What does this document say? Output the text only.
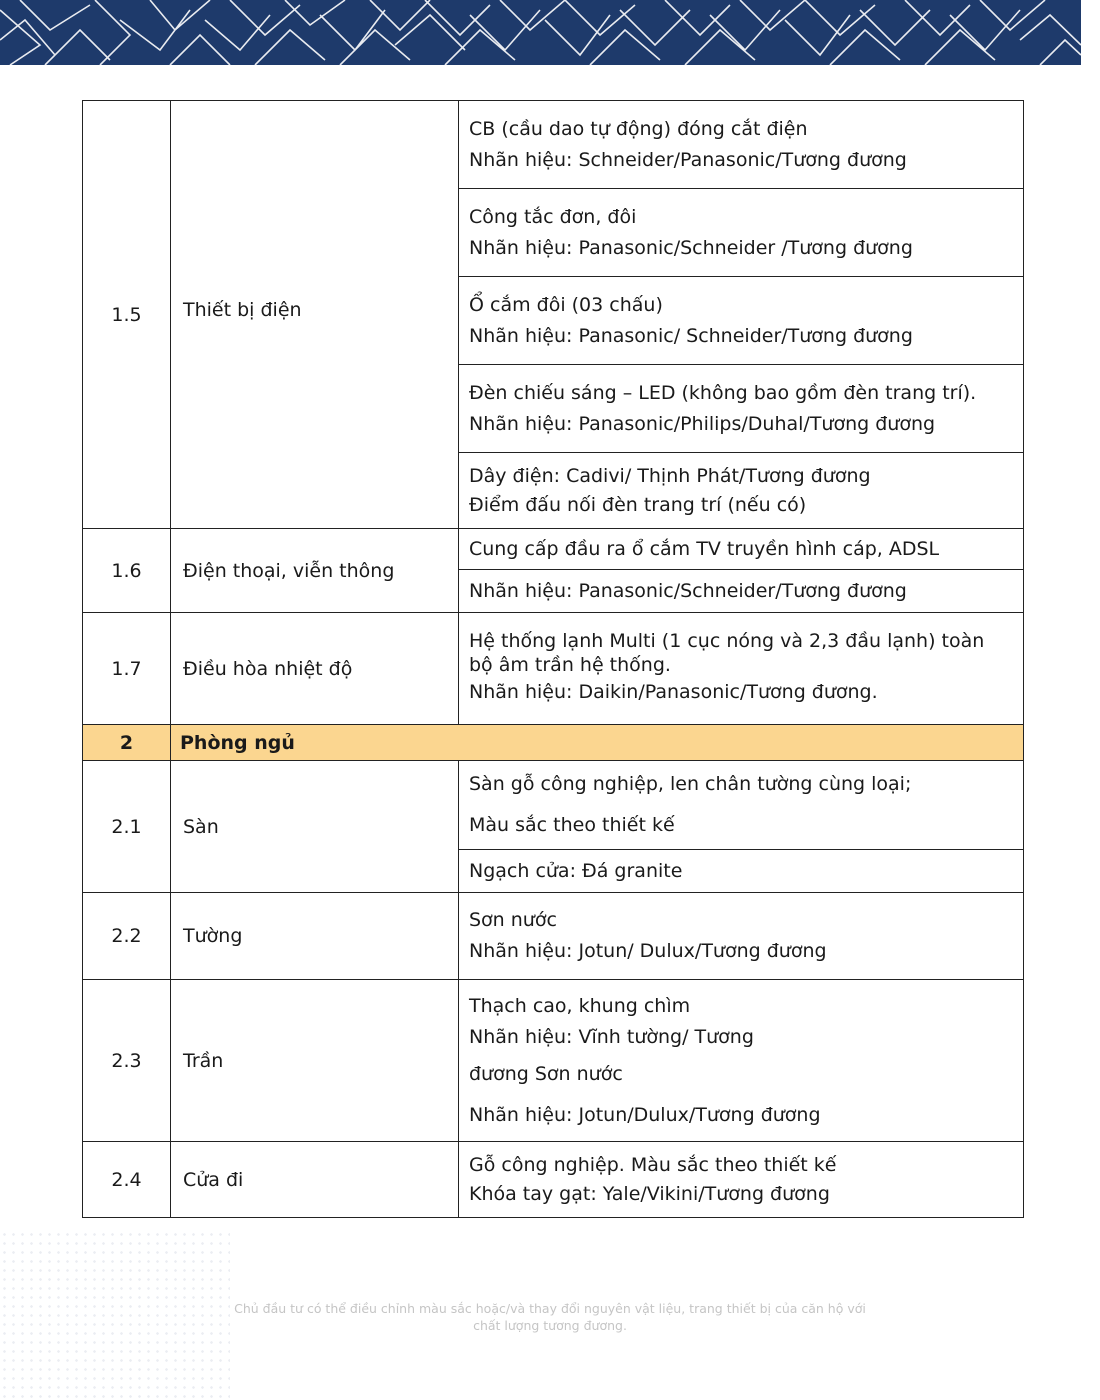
1.5	Thiết bị điện	CB (cầu dao tự động) đóng cắt điện
Nhãn hiệu: Schneider/Panasonic/Tương đương

		Công tắc đơn, đôi
Nhãn hiệu: Panasonic/Schneider /Tương đương

		Ổ cắm đôi (03 chấu)
Nhãn hiệu: Panasonic/ Schneider/Tương đương

		Đèn chiếu sáng – LED (không bao gồm đèn trang trí).
Nhãn hiệu: Panasonic/Philips/Duhal/Tương đương

		Dây điện: Cadivi/ Thịnh Phát/Tương đương
Điểm đấu nối đèn trang trí (nếu có)

1.6	Điện thoại, viễn thông	Cung cấp đầu ra ổ cắm TV truyền hình cáp, ADSL

		Nhãn hiệu: Panasonic/Schneider/Tương đương

1.7	Điều hòa nhiệt độ	Hệ thống lạnh Multi (1 cục nóng và 2,3 đầu lạnh) toàn bộ âm trần hệ thống.
Nhãn hiệu: Daikin/Panasonic/Tương đương.

2	Phòng ngủ	
2.1	Sàn	Sàn gỗ công nghiệp, len chân tường cùng loại;
Màu sắc theo thiết kế

		Ngạch cửa: Đá granite

2.2	Tường	Sơn nước
Nhãn hiệu: Jotun/ Dulux/Tương đương

2.3	Trần	Thạch cao, khung chìm
Nhãn hiệu: Vĩnh tường/ Tương
đương Sơn nước
Nhãn hiệu: Jotun/Dulux/Tương đương

2.4	Cửa đi	Gỗ công nghiệp. Màu sắc theo thiết kế
Khóa tay gạt: Yale/Vikini/Tương đương
Chủ đầu tư có thể điều chỉnh màu sắc hoặc/và thay đổi nguyên vật liệu, trang thiết bị của căn hộ với
chất lượng tương đương.
